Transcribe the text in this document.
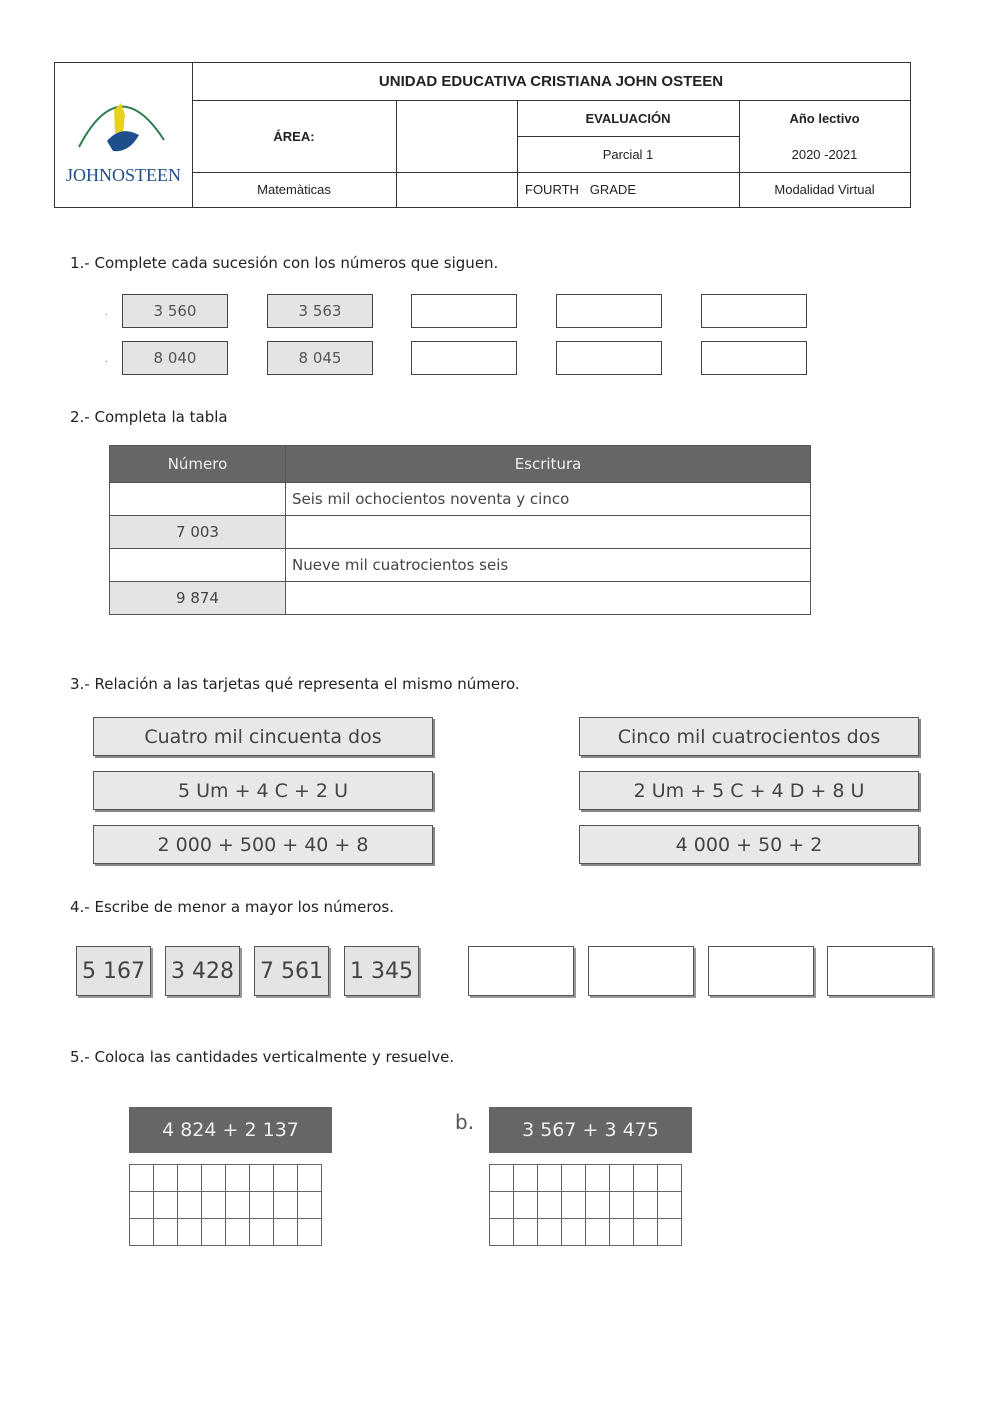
JOHNOSTEEN
UNIDAD EDUCATIVA CRISTIANA JOHN OSTEEN
ÁREA:
EVALUACIÓN
Parcial 1
Año lectivo
2020 -2021
Matemàticas	FOURTH   GRADE	Modalidad Virtual
1.- Complete cada sucesión con los números que siguen.
.	3 560	3 563
.	8 040	8 045
2.- Completa la tabla
Número	Escritura
	Seis mil ochocientos noventa y cinco
7 003	
	Nueve mil cuatrocientos seis
9 874	
3.- Relación a las tarjetas qué representa el mismo número.
Cuatro mil cincuenta dos
5 Um + 4 C + 2 U
2 000 + 500 + 40 + 8
Cinco mil cuatrocientos dos
2 Um + 5 C + 4 D + 8 U
4 000 + 50 + 2
4.- Escribe de menor a mayor los números.
5 167 3 428 7 561 1 345
5.- Coloca las cantidades verticalmente y resuelve.
4 824 + 2 137

								b.	3 567 + 3 475
